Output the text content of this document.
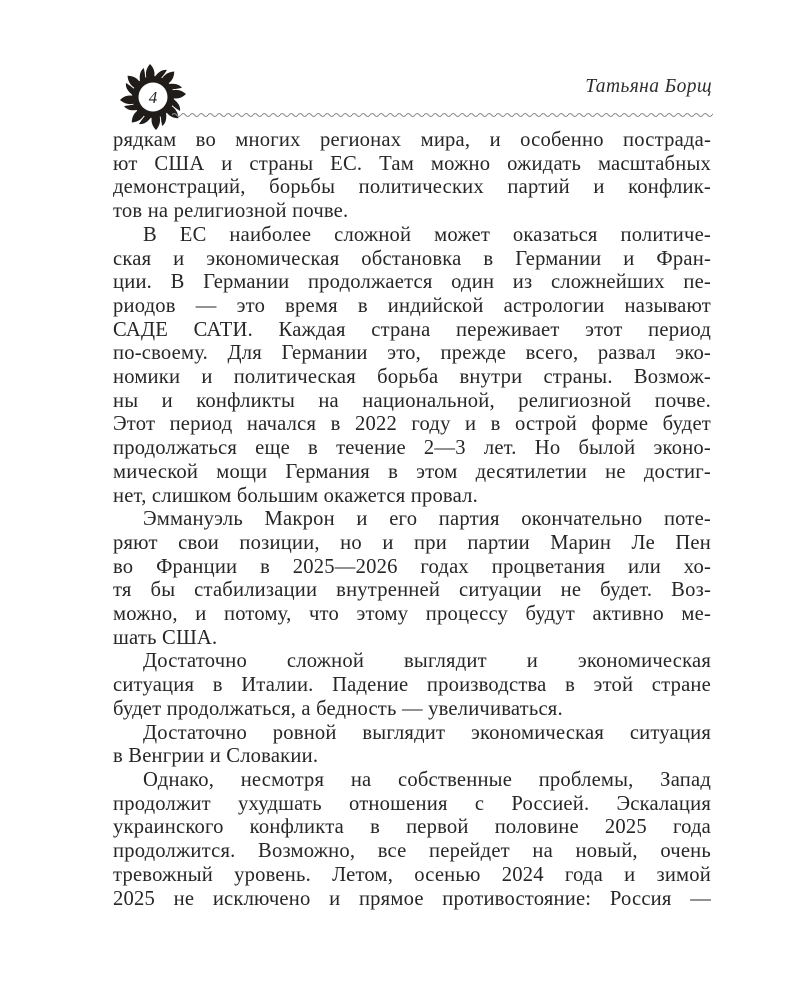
4
Татьяна Борщ
рядкам во многих регионах мира, и особенно пострада-
ют США и страны ЕС. Там можно ожидать масштабных
демонстраций, борьбы политических партий и конфлик-
тов на религиозной почве.
В ЕС наиболее сложной может оказаться политиче-
ская и экономическая обстановка в Германии и Фран-
ции. В Германии продолжается один из сложнейших пе-
риодов — это время в индийской астрологии называют
САДЕ САТИ. Каждая страна переживает этот период
по-своему. Для Германии это, прежде всего, развал эко-
номики и политическая борьба внутри страны. Возмож-
ны и конфликты на национальной, религиозной почве.
Этот период начался в 2022 году и в острой форме будет
продолжаться еще в течение 2—3 лет. Но былой эконо-
мической мощи Германия в этом десятилетии не достиг-
нет, слишком большим окажется провал.
Эммануэль Макрон и его партия окончательно поте-
ряют свои позиции, но и при партии Марин Ле Пен
во Франции в 2025—2026 годах процветания или хо-
тя бы стабилизации внутренней ситуации не будет. Воз-
можно, и потому, что этому процессу будут активно ме-
шать США.
Достаточно сложной выглядит и экономическая
ситуация в Италии. Падение производства в этой стране
будет продолжаться, а бедность — увеличиваться.
Достаточно ровной выглядит экономическая ситуация
в Венгрии и Словакии.
Однако, несмотря на собственные проблемы, Запад
продолжит ухудшать отношения с Россией. Эскалация
украинского конфликта в первой половине 2025 года
продолжится. Возможно, все перейдет на новый, очень
тревожный уровень. Летом, осенью 2024 года и зимой
2025 не исключено и прямое противостояние: Россия —
